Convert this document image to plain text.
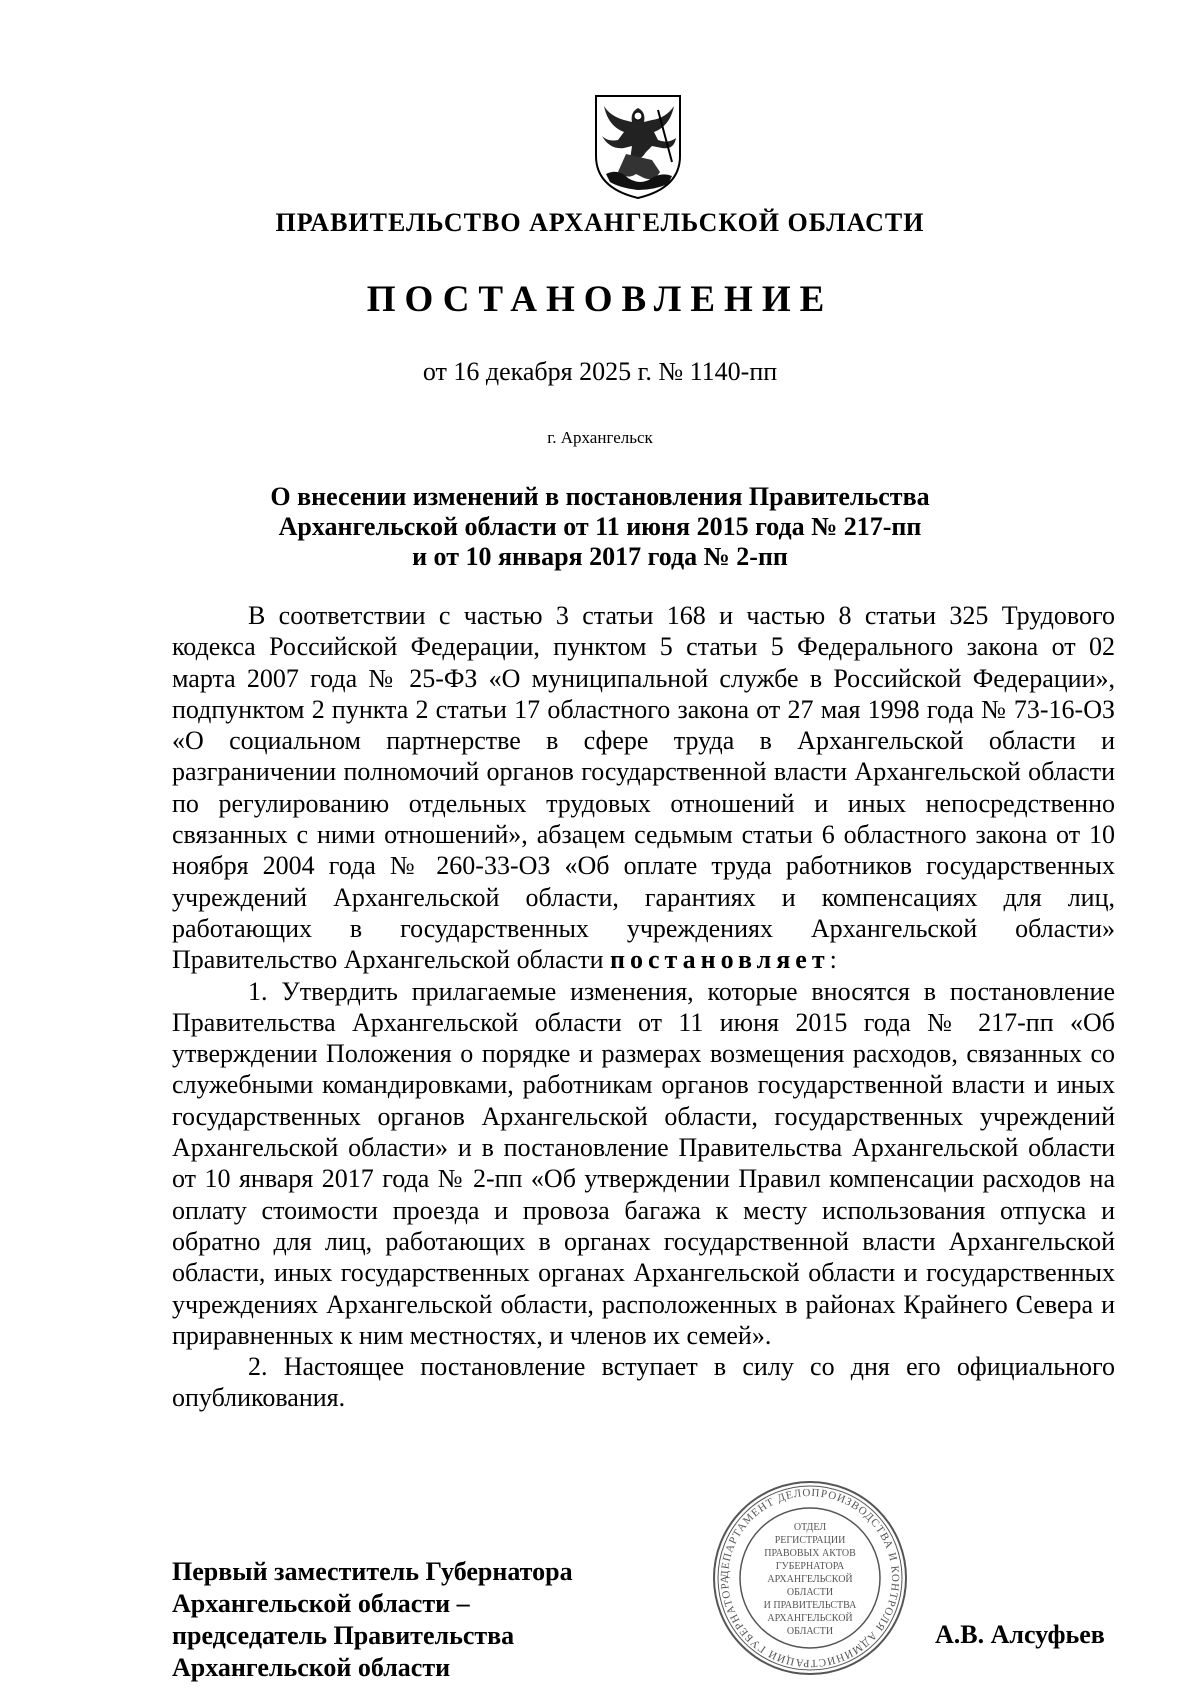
ПРАВИТЕЛЬСТВО АРХАНГЕЛЬСКОЙ ОБЛАСТИ
ПОСТАНОВЛЕНИЕ
от 16 декабря 2025 г. № 1140-пп
г. Архангельск
О внесении изменений в постановления Правительства
Архангельской области от 11 июня 2015 года № 217-пп
и от 10 января 2017 года № 2-пп

В соответствии с частью 3 статьи 168 и частью 8 статьи 325 Трудового кодекса Российской Федерации, пунктом 5 статьи 5 Федерального закона от 02 марта 2007 года № 25-ФЗ «О муниципальной службе в Российской Федерации», подпунктом 2 пункта 2 статьи 17 областного закона от 27 мая 1998 года № 73-16-ОЗ «О социальном партнерстве в сфере труда в Архангельской области и разграничении полномочий органов государственной власти Архангельской области по регулированию отдельных трудовых отношений и иных непосредственно связанных с ними отношений», абзацем седьмым статьи 6 областного закона от 10 ноября 2004 года № 260-33-ОЗ «Об оплате труда работников государственных учреждений Архангельской области, гарантиях и компенсациях для лиц, работающих в государственных учреждениях Архангельской области» Правительство Архангельской области постановляет:

1. Утвердить прилагаемые изменения, которые вносятся в постановление Правительства Архангельской области от 11 июня 2015 года № 217-пп «Об утверждении Положения о порядке и размерах возмещения расходов, связанных со служебными командировками, работникам органов государственной власти и иных государственных органов Архангельской области, государственных учреждений Архангельской области» и в постановление Правительства Архангельской области от 10 января 2017 года № 2-пп «Об утверждении Правил компенсации расходов на оплату стоимости проезда и провоза багажа к месту использования отпуска и обратно для лиц, работающих в органах государственной власти Архангельской области, иных государственных органах Архангельской области и государственных учреждениях Архангельской области, расположенных в районах Крайнего Севера и приравненных к ним местностях, и членов их семей».

2. Настоящее постановление вступает в силу со дня его официального опубликования.

ДЕПАРТАМЕНТ ДЕЛОПРОИЗВОДСТВА И КОНТРОЛЯ АДМИНИСТРАЦИИ ГУБЕРНАТОРА
ОТДЕЛ
РЕГИСТРАЦИИ
ПРАВОВЫХ АКТОВ
ГУБЕРНАТОРА
АРХАНГЕЛЬСКОЙ
ОБЛАСТИ
И ПРАВИТЕЛЬСТВА
АРХАНГЕЛЬСКОЙ
ОБЛАСТИ
Первый заместитель Губернатора
Архангельской области –
председатель Правительства
Архангельской области
А.В. Алсуфьев
